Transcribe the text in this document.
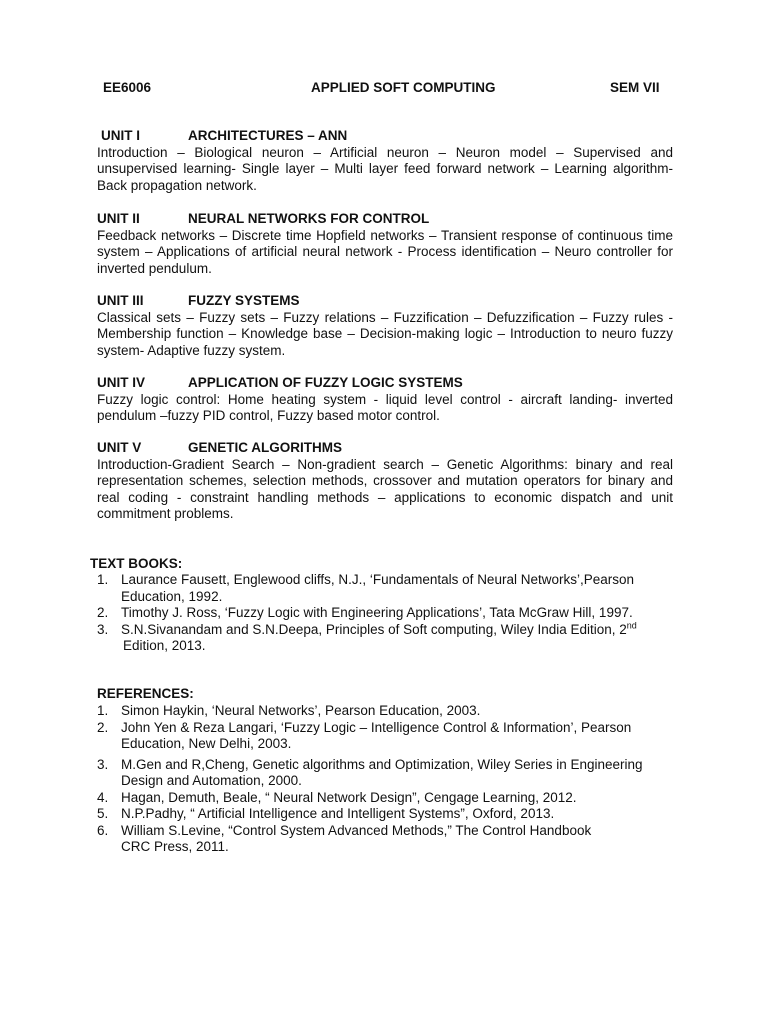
EE6006	APPLIED SOFT COMPUTING	SEM VII
UNIT I	ARCHITECTURES – ANN
Introduction – Biological neuron – Artificial neuron – Neuron model – Supervised and unsupervised learning- Single layer – Multi layer feed forward network – Learning algorithm- Back propagation network.
UNIT II	NEURAL NETWORKS FOR CONTROL
Feedback networks – Discrete time Hopfield networks – Transient response of continuous time system – Applications of artificial neural network - Process identification – Neuro controller for inverted pendulum.
UNIT III	FUZZY SYSTEMS
Classical sets – Fuzzy sets – Fuzzy relations – Fuzzification – Defuzzification – Fuzzy rules - Membership function – Knowledge base – Decision-making logic – Introduction to neuro fuzzy system- Adaptive fuzzy system.
UNIT IV	APPLICATION OF FUZZY LOGIC SYSTEMS
Fuzzy logic control: Home heating system - liquid level control - aircraft landing- inverted pendulum –fuzzy PID control, Fuzzy based motor control.
UNIT V	GENETIC ALGORITHMS
Introduction-Gradient Search – Non-gradient search – Genetic Algorithms: binary and real representation schemes, selection methods, crossover and mutation operators for binary and real coding - constraint handling methods – applications to economic dispatch and unit commitment problems.
TEXT BOOKS:
1. Laurance Fausett, Englewood cliffs, N.J., ‘Fundamentals of Neural Networks’,Pearson Education, 1992.
2. Timothy J. Ross, ‘Fuzzy Logic with Engineering Applications’, Tata McGraw Hill, 1997.
3. S.N.Sivanandam and S.N.Deepa, Principles of Soft computing, Wiley India Edition, 2nd
Edition, 2013.
REFERENCES:
1. Simon Haykin, ‘Neural Networks’, Pearson Education, 2003.
2. John Yen & Reza Langari, ‘Fuzzy Logic – Intelligence Control & Information’, Pearson Education, New Delhi, 2003.
3. M.Gen and R,Cheng, Genetic algorithms and Optimization, Wiley Series in Engineering Design and Automation, 2000.
4. Hagan, Demuth, Beale, “ Neural Network Design”, Cengage Learning, 2012.
5. N.P.Padhy, “ Artificial Intelligence and Intelligent Systems”, Oxford, 2013.
6. William S.Levine, “Control System Advanced Methods,” The Control Handbook CRC Press, 2011.
